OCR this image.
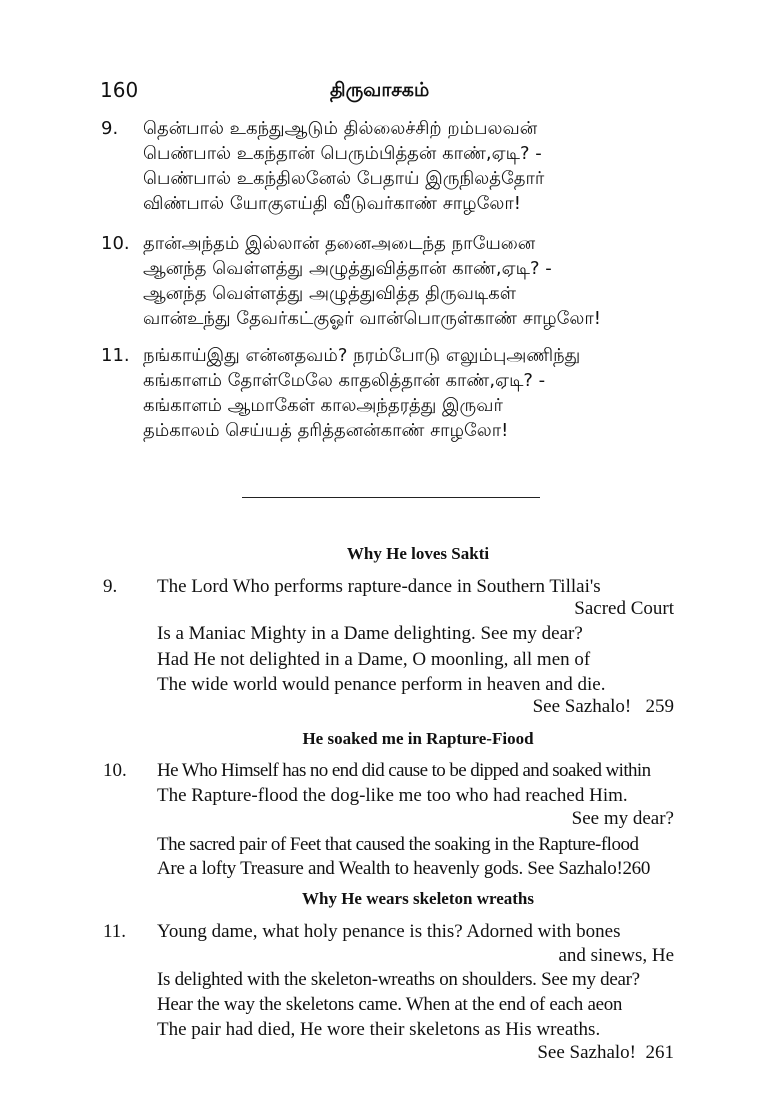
160	திருவாசகம்
9. தென்பால் உகந்துஆடும் தில்லைச்சிற் றம்பலவன்
பெண்பால் உகந்தான் பெரும்பித்தன் காண்,ஏடி? -
பெண்பால் உகந்திலனேல் பேதாய் இருநிலத்தோர்
விண்பால் யோகுஎய்தி வீடுவர்காண் சாழலோ!
10. தான்அந்தம் இல்லான் தனைஅடைந்த நாயேனை
ஆனந்த வெள்ளத்து அழுத்துவித்தான் காண்,ஏடி? -
ஆனந்த வெள்ளத்து அழுத்துவித்த திருவடிகள்
வான்உந்து தேவர்கட்குஓர் வான்பொருள்காண் சாழலோ!
11. நங்காய்இது என்னதவம்? நரம்போடு எலும்புஅணிந்து
கங்காளம் தோள்மேலே காதலித்தான் காண்,ஏடி? -
கங்காளம் ஆமாகேள் காலஅந்தரத்து இருவர்
தம்காலம் செய்யத் தரித்தனன்காண் சாழலோ!
Why He loves Sakti
9. The Lord Who performs rapture-dance in Southern Tillai's
Sacred Court
Is a Maniac Mighty in a Dame delighting. See my dear?
Had He not delighted in a Dame, O moonling, all men of
The wide world would penance perform in heaven and die.
See Sazhalo!   259
He soaked me in Rapture-Fiood
10. He Who Himself has no end did cause to be dipped and soaked within
The Rapture-flood the dog-like me too who had reached Him.
See my dear?
The sacred pair of Feet that caused the soaking in the Rapture-flood
Are a lofty Treasure and Wealth to heavenly gods. See Sazhalo!260
Why He wears skeleton wreaths
11. Young dame, what holy penance is this? Adorned with bones
and sinews, He
Is delighted with the skeleton-wreaths on shoulders. See my dear?
Hear the way the skeletons came. When at the end of each aeon
The pair had died, He wore their skeletons as His wreaths.
See Sazhalo!  261
